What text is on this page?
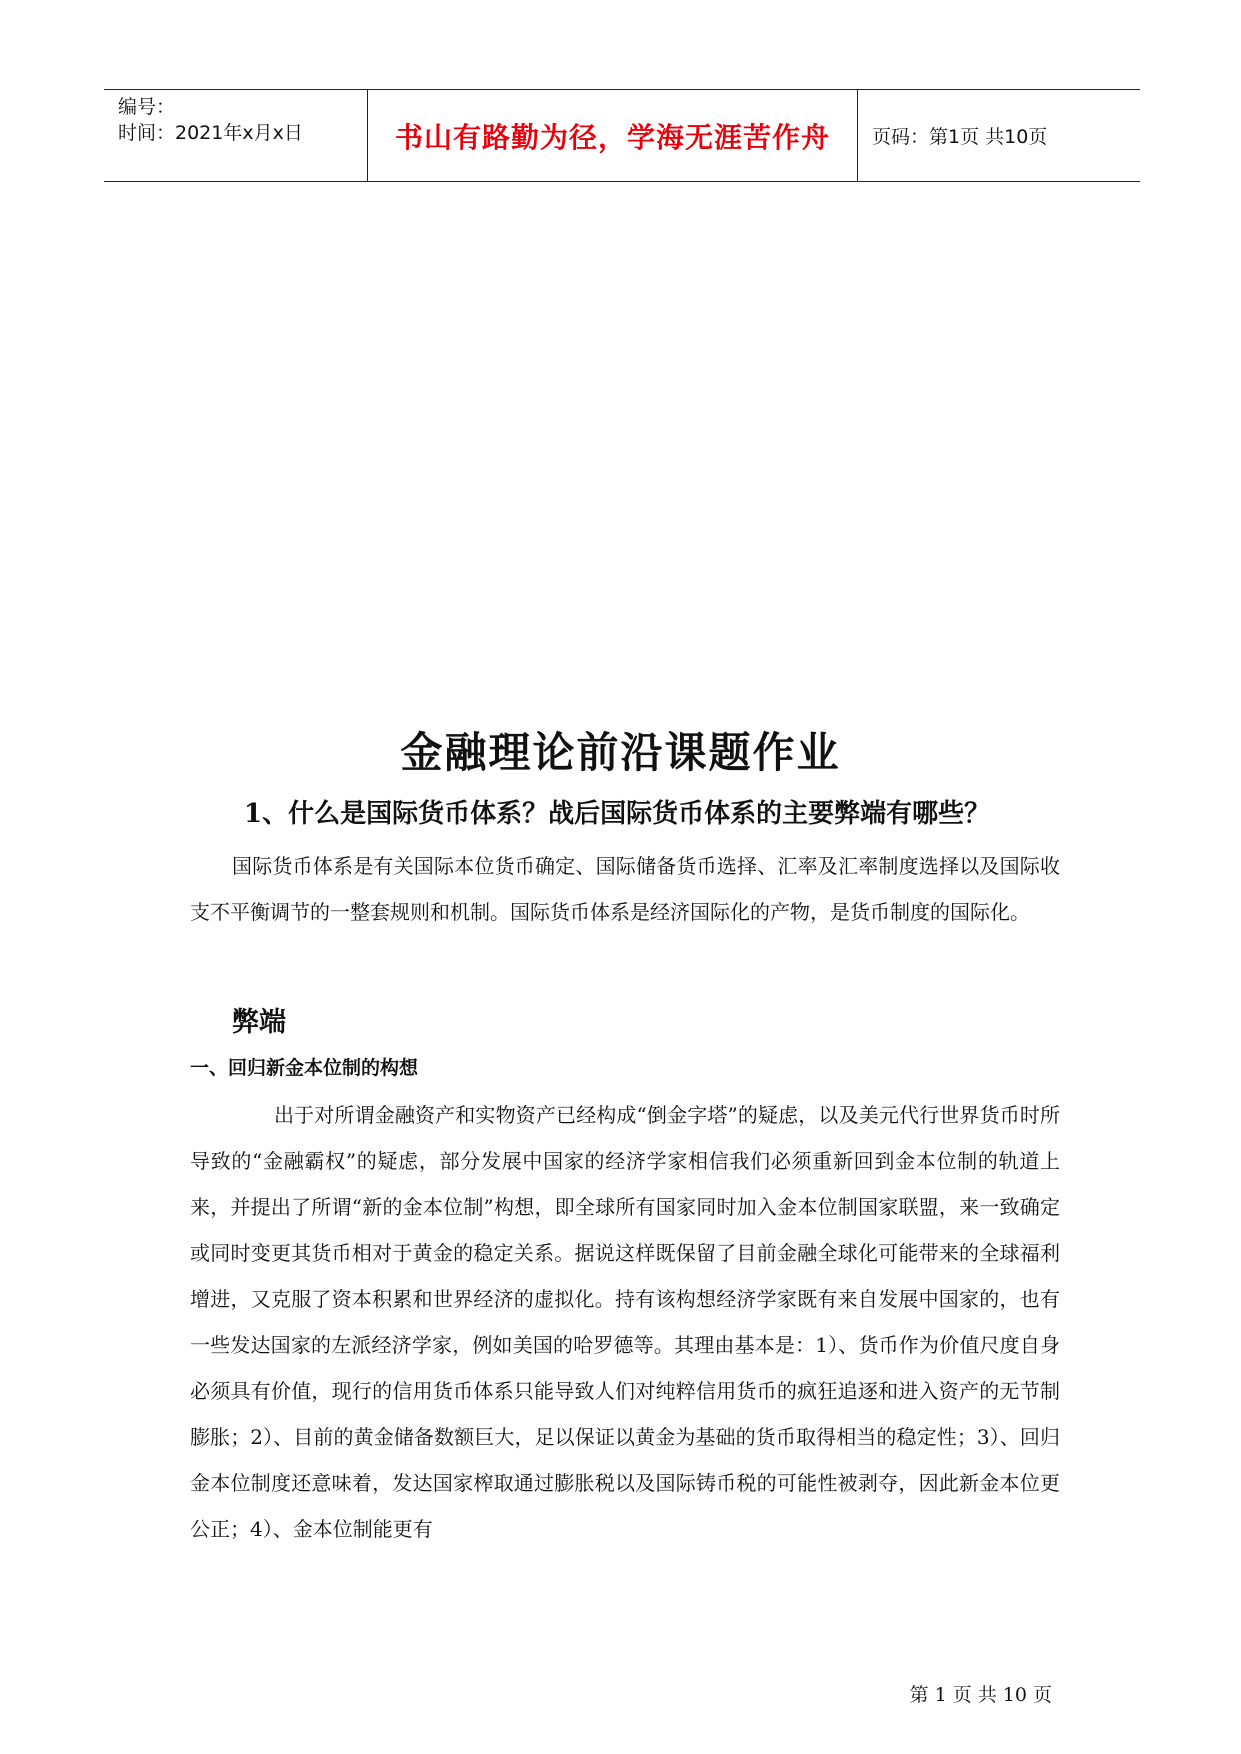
编号：
时间：2021年x月x日	书山有路勤为径，学海无涯苦作舟 页码：第1页 共10页
金融理论前沿课题作业
1、什么是国际货币体系？战后国际货币体系的主要弊端有哪些？

国际货币体系是有关国际本位货币确定、国际储备货币选择、汇率及汇率制度选择以及国际收支不平衡调节的一整套规则和机制。国际货币体系是经济国际化的产物，是货币制度的国际化。

弊端
一、回归新金本位制的构想

出于对所谓金融资产和实物资产已经构成“倒金字塔”的疑虑，以及美元代行世界货币时所导致的“金融霸权”的疑虑，部分发展中国家的经济学家相信我们必须重新回到金本位制的轨道上来，并提出了所谓“新的金本位制”构想，即全球所有国家同时加入金本位制国家联盟，来一致确定或同时变更其货币相对于黄金的稳定关系。据说这样既保留了目前金融全球化可能带来的全球福利增进，又克服了资本积累和世界经济的虚拟化。持有该构想经济学家既有来自发展中国家的，也有一些发达国家的左派经济学家，例如美国的哈罗德等。其理由基本是：1）、货币作为价值尺度自身必须具有价值，现行的信用货币体系只能导致人们对纯粹信用货币的疯狂追逐和进入资产的无节制膨胀；2）、目前的黄金储备数额巨大，足以保证以黄金为基础的货币取得相当的稳定性；3）、回归金本位制度还意味着，发达国家榨取通过膨胀税以及国际铸币税的可能性被剥夺，因此新金本位更公正；4）、金本位制能更有

第 1 页 共 10 页
